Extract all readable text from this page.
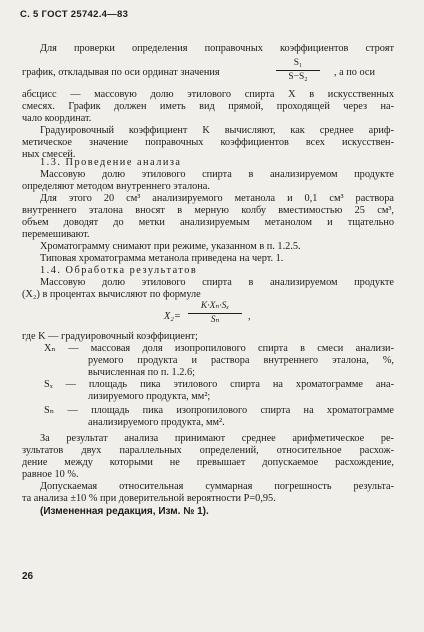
С. 5 ГОСТ 25742.4—83
Для проверки определения поправочных коэффициентов строят
график, откладывая по оси ординат значения
S₁
S−S₂	, а по оси
абсцисс — массовую долю этилового спирта X в искусственных
смесях. График должен иметь вид прямой, проходящей через на-
чало координат.
Градуировочный коэффициент K вычисляют, как среднее ариф-
метическое значение поправочных коэффициентов всех искусствен-
ных смесей.
1.3. Проведение анализа
Массовую долю этилового спирта в анализируемом продукте
определяют методом внутреннего эталона.
Для этого 20 см³ анализируемого метанола и 0,1 см³ раствора
внутреннего эталона вносят в мерную колбу вместимостью 25 см³,
объем доводят до метки анализируемым метанолом и тщательно
перемешивают.
Хроматограмму снимают при режиме, указанном в п. 1.2.5.
Типовая хроматограмма метанола приведена на черт. 1.
1.4. Обработка результатов
Массовую долю этилового спирта в анализируемом продукте
(X₂) в процентах вычисляют по формуле
X₂=
K·Xₙ·Sₓ
Sₙ	,
где K — градуировочный коэффициент;
Xₙ — массовая доля изопропилового спирта в смеси анализи-
руемого продукта и раствора внутреннего эталона, %,
вычисленная по п. 1.2.6;
Sₓ — площадь пика этилового спирта на хроматограмме ана-
лизируемого продукта, мм²;
Sₙ — площадь пика изопропилового спирта на хроматограмме
анализируемого продукта, мм².
За результат анализа принимают среднее арифметическое ре-
зультатов двух параллельных определений, относительное расхож-
дение между которыми не превышает допускаемое расхождение,
равное 10 %.
Допускаемая относительная суммарная погрешность результа-
та анализа ±10 % при доверительной вероятности P=0,95.
(Измененная редакция, Изм. № 1).
26
